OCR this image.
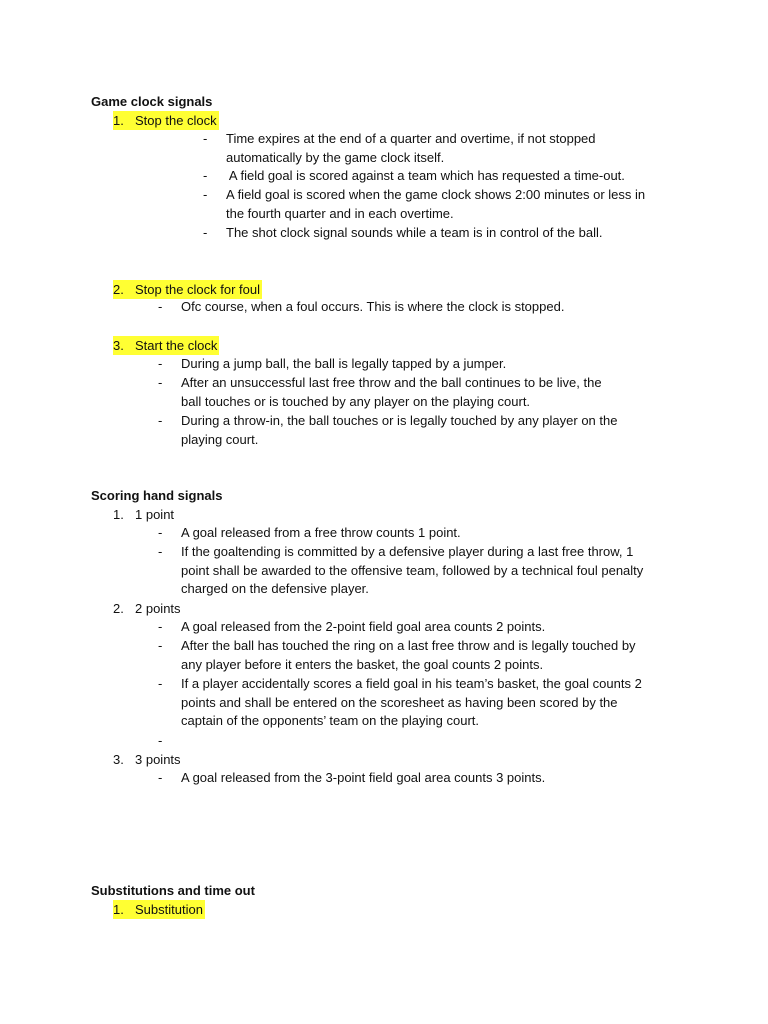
Game clock signals
1. Stop the clock
- Time expires at the end of a quarter and overtime, if not stopped
automatically by the game clock itself.
- A field goal is scored against a team which has requested a time-out.
- A field goal is scored when the game clock shows 2:00 minutes or less in
the fourth quarter and in each overtime.
- The shot clock signal sounds while a team is in control of the ball.
2. Stop the clock for foul
- Ofc course, when a foul occurs. This is where the clock is stopped.
3. Start the clock
- During a jump ball, the ball is legally tapped by a jumper.
- After an unsuccessful last free throw and the ball continues to be live, the
ball touches or is touched by any player on the playing court.
- During a throw-in, the ball touches or is legally touched by any player on the
playing court.
Scoring hand signals
1. 1 point
- A goal released from a free throw counts 1 point.
- If the goaltending is committed by a defensive player during a last free throw, 1
point shall be awarded to the offensive team, followed by a technical foul penalty
charged on the defensive player.
2. 2 points
- A goal released from the 2-point field goal area counts 2 points.
- After the ball has touched the ring on a last free throw and is legally touched by
any player before it enters the basket, the goal counts 2 points.
- If a player accidentally scores a field goal in his team’s basket, the goal counts 2
points and shall be entered on the scoresheet as having been scored by the
captain of the opponents’ team on the playing court.
-
3. 3 points
- A goal released from the 3-point field goal area counts 3 points.
Substitutions and time out
1. Substitution
